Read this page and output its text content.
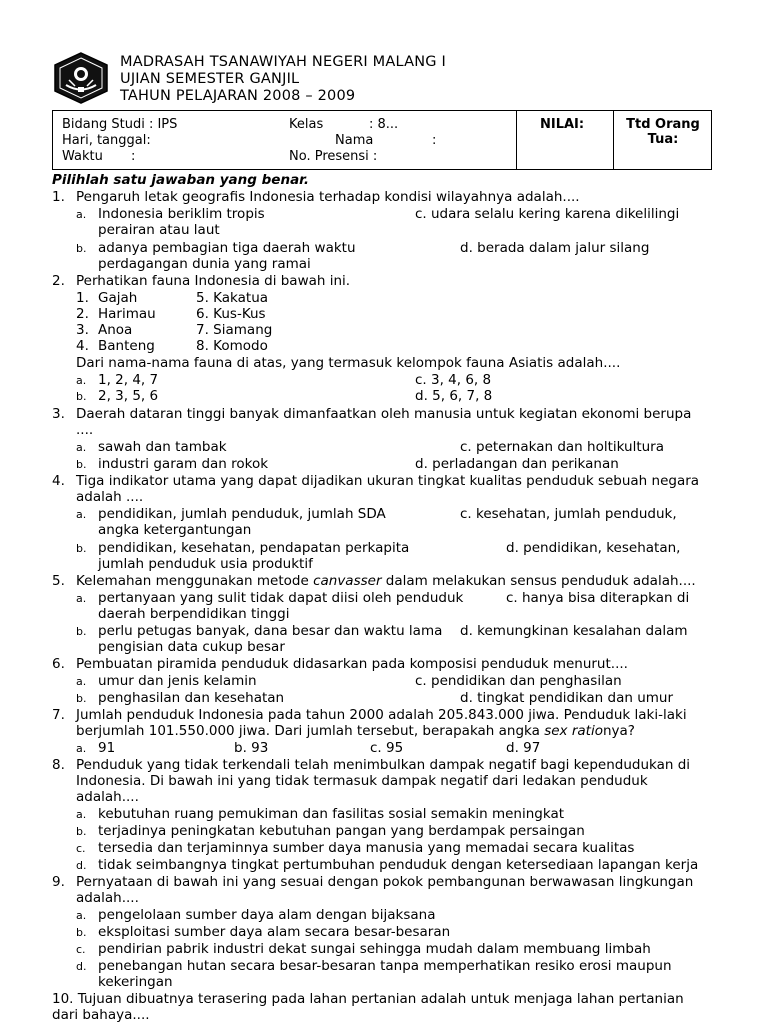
MADRASAH TSANAWIYAH NEGERI MALANG I
UJIAN SEMESTER GANJIL
TAHUN PELAJARAN 2008 – 2009
Bidang Studi : IPS
Hari, tanggal:
Waktu :
Kelas	: 8...
Nama	:
No. Presensi :
NILAI:	Ttd Orang
Tua:
Pilihlah satu jawaban yang benar.
1. Pengaruh letak geografis Indonesia terhadap kondisi wilayahnya adalah....
a. Indonesia beriklim tropis	c. udara selalu kering karena dikelilingi
perairan atau laut
b. adanya pembagian tiga daerah waktu	d. berada dalam jalur silang
perdagangan dunia yang ramai
2. Perhatikan fauna Indonesia di bawah ini.
1. Gajah	5. Kakatua
2. Harimau	6. Kus-Kus
3. Anoa	7. Siamang
4. Banteng	8. Komodo
Dari nama-nama fauna di atas, yang termasuk kelompok fauna Asiatis adalah....
a. 1, 2, 4, 7	c. 3, 4, 6, 8
b. 2, 3, 5, 6	d. 5, 6, 7, 8
3. Daerah dataran tinggi banyak dimanfaatkan oleh manusia untuk kegiatan ekonomi berupa
....
a. sawah dan tambak	c. peternakan dan holtikultura
b. industri garam dan rokok	d. perladangan dan perikanan
4. Tiga indikator utama yang dapat dijadikan ukuran tingkat kualitas penduduk sebuah negara
adalah ....
a. pendidikan, jumlah penduduk, jumlah SDA	c. kesehatan, jumlah penduduk,
angka ketergantungan
b. pendidikan, kesehatan, pendapatan perkapita	d. pendidikan, kesehatan,
jumlah penduduk usia produktif
5. Kelemahan menggunakan metode canvasser dalam melakukan sensus penduduk adalah....
a. pertanyaan yang sulit tidak dapat diisi oleh penduduk	c. hanya bisa diterapkan di
daerah berpendidikan tinggi
b. perlu petugas banyak, dana besar dan waktu lama d. kemungkinan kesalahan dalam
pengisian data cukup besar
6. Pembuatan piramida penduduk didasarkan pada komposisi penduduk menurut....
a. umur dan jenis kelamin	c. pendidikan dan penghasilan
b. penghasilan dan kesehatan	d. tingkat pendidikan dan umur
7. Jumlah penduduk Indonesia pada tahun 2000 adalah 205.843.000 jiwa. Penduduk laki-laki
berjumlah 101.550.000 jiwa. Dari jumlah tersebut, berapakah angka sex rationya?
a. 91	b. 93	c. 95	d. 97
8. Penduduk yang tidak terkendali telah menimbulkan dampak negatif bagi kependudukan di
Indonesia. Di bawah ini yang tidak termasuk dampak negatif dari ledakan penduduk
adalah....
a. kebutuhan ruang pemukiman dan fasilitas sosial semakin meningkat
b. terjadinya peningkatan kebutuhan pangan yang berdampak persaingan
c. tersedia dan terjaminnya sumber daya manusia yang memadai secara kualitas
d. tidak seimbangnya tingkat pertumbuhan penduduk dengan ketersediaan lapangan kerja
9. Pernyataan di bawah ini yang sesuai dengan pokok pembangunan berwawasan lingkungan
adalah....
a. pengelolaan sumber daya alam dengan bijaksana
b. eksploitasi sumber daya alam secara besar-besaran
c. pendirian pabrik industri dekat sungai sehingga mudah dalam membuang limbah
d. penebangan hutan secara besar-besaran tanpa memperhatikan resiko erosi maupun
kekeringan
10. Tujuan dibuatnya terasering pada lahan pertanian adalah untuk menjaga lahan pertanian
dari bahaya....
